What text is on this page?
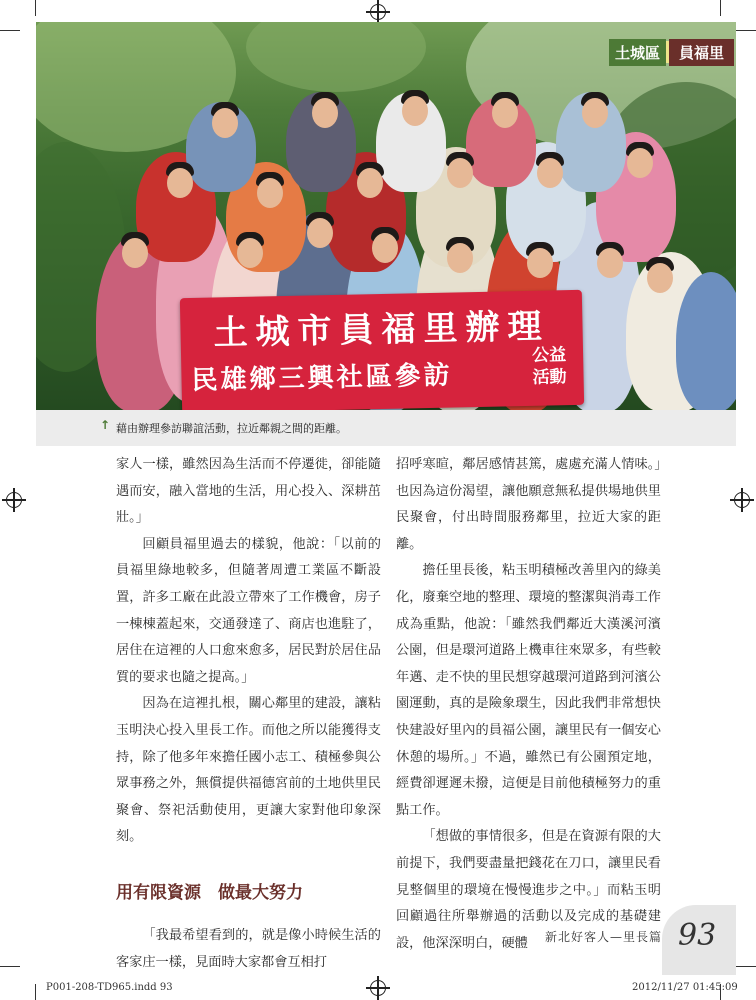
土城市員福里辦理
民雄鄉三興社區參訪
公益活動
土城區	員福里
↑ 藉由辦理參訪聯誼活動，拉近鄰親之間的距離。

家人一樣，雖然因為生活而不停遷徙，卻能隨遇而安，融入當地的生活，用心投入、深耕茁壯。」

回顧員福里過去的樣貌，他說：「以前的員福里綠地較多，但隨著周遭工業區不斷設置，許多工廠在此設立帶來了工作機會，房子一棟棟蓋起來，交通發達了、商店也進駐了，居住在這裡的人口愈來愈多，居民對於居住品質的要求也隨之提高。」

因為在這裡扎根，關心鄰里的建設，讓粘玉明決心投入里長工作。而他之所以能獲得支持，除了他多年來擔任國小志工、積極參與公眾事務之外，無償提供福德宮前的土地供里民聚會、祭祀活動使用，更讓大家對他印象深刻。

用有限資源　做最大努力

「我最希望看到的，就是像小時候生活的客家庄一樣，見面時大家都會互相打

招呼寒暄，鄰居感情甚篤，處處充滿人情味。」也因為這份渴望，讓他願意無私提供場地供里民聚會，付出時間服務鄰里，拉近大家的距離。

擔任里長後，粘玉明積極改善里內的綠美化，廢棄空地的整理、環境的整潔與消毒工作成為重點，他說：「雖然我們鄰近大漢溪河濱公園，但是環河道路上機車往來眾多，有些較年邁、走不快的里民想穿越環河道路到河濱公園運動，真的是險象環生，因此我們非常想快快建設好里內的員福公園，讓里民有一個安心休憩的場所。」不過，雖然已有公園預定地，經費卻遲遲未撥，這便是目前他積極努力的重點工作。

「想做的事情很多，但是在資源有限的大前提下，我們要盡量把錢花在刀口，讓里民看見整個里的環境在慢慢進步之中。」而粘玉明回顧過往所舉辦過的活動以及完成的基礎建設，他深深明白，硬體	新北好客人—里長篇 93
P001-208-TD965.indd 93	2012/11/27 01:45:09
